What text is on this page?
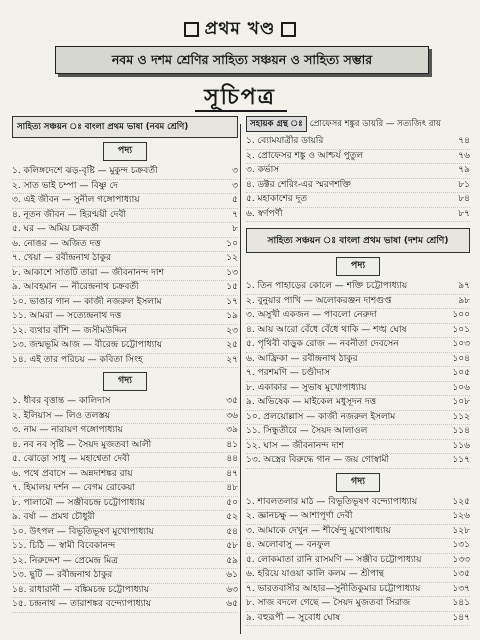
প্রথম খণ্ড
নবম ও দশম শ্রেণির সাহিত্য সঞ্চয়ন ও সাহিত্য সম্ভার
সূচিপত্র
সাহিত্য সঞ্চয়ন ঃ বাংলা প্রথম ভাষা (নবম শ্রেণি)
পদ্য
১. কলিঙ্গদেশে ঝড়-বৃষ্টি — মুকুন্দ চক্রবর্তী	৩
২. সাত ভাই চম্পা — বিষ্ণু দে	৩
৩. এই জীবন — সুনীল গঙ্গোপাধ্যায়	৫
৪. নূতন জীবন — হিরণ্ময়ী দেবী	৭
৫. ঘর — অমিয় চক্রবর্তী	৮
৬. নোঙর — অজিত দত্ত	১০
৭. খেয়া — রবীন্দ্রনাথ ঠাকুর	১২
৮. আকাশে সাতটি তারা — জীবনানন্দ দাশ	১৩
৯. আবহমান — নীরেন্দ্রনাথ চক্রবর্তী	১৫
১০. ভাঙার গান — কাজী নজরুল ইসলাম	১৭
১১. আমরা — সত্যেন্দ্রনাথ দত্ত	১৯
১২. ব্যথার বাঁশি — জসীমউদ্দিন	২৩
১৩. জন্মভূমি আজ — বীরেন্দ্র চট্টোপাধ্যায়	২৫
১৪. এই তার পরিচয় — কবিতা সিংহ	২৭
গদ্য
১. ধীবর বৃত্তান্ত — কালিদাস	৩৫
২. ইলিয়াস — লিও তলস্তয়	৩৬
৩. নাম — নারায়ণ গঙ্গোপাধ্যায়	৩৯
৪. নব নব সৃষ্টি — সৈয়দ মুজতবা আলী	৪১
৫. ঝোড়ো সাধু — মহাশ্বেতা দেবী	৪৪
৬. পথে প্রবাসে — অন্নদাশঙ্কর রায়	৪৭
৭. হিমালয় দর্শন — বেগম রোকেয়া	৪৮
৮. পালামৌ — সঞ্জীবচন্দ্র চট্টোপাধ্যায়	৫০
৯. বর্ষা — প্রমথ চৌধুরী	৫২
১০. উৎপল — বিভূতিভূষণ মুখোপাধ্যায়	৫৪
১১. চিঠি — স্বামী বিবেকানন্দ	৫৮
১২. নিরুদ্দেশ — প্রেমেন্দ্র মিত্র	৫৯
১৩. ছুটি — রবীন্দ্রনাথ ঠাকুর	৬১
১৪. রাধারানী — বঙ্কিমচন্দ্র চট্টোপাধ্যায়	৬৩
১৫. চন্দ্রনাথ — তারাশঙ্কর বন্দ্যোপাধ্যায়	৬৫
সহায়ক গ্রন্থ ঃ প্রোফেসর শঙ্কুর ডায়রি — সত্যজিৎ রায়
১. ব্যোমযাত্রীর ডায়রি	৭৪
২. প্রোফেসর শঙ্কু ও আশ্চর্য পুতুল	৭৬
৩. কর্ভাস	৭৯
৪. ডক্টর শেরিং-এর স্মরণশক্তি	৮১
৫. মহাকাশের দূত	৮৪
৬. স্বর্ণপর্ণী	৮৭
সাহিত্য সঞ্চয়ন ঃ বাংলা প্রথম ভাষা (দশম শ্রেণি)
পদ্য
১. তিন পাহাড়ের কোলে — শক্তি চট্টোপাধ্যায়	৯৭
২. বুনুয়ার পাখি — অলোকরঞ্জন দাশগুপ্ত	৯৮
৩. অসুখী একজন — পাবলো নেরুদা	১০০
৪. আয় আরো বেঁধে বেঁধে থাকি — শঙ্খ ঘোষ	১০১
৫. পৃথিবী বাড়ুক রোজ — নবনীতা দেবসেন	১০৩
৬. আফ্রিকা — রবীন্দ্রনাথ ঠাকুর	১০৪
৭. পরশমণি — চণ্ডীদাস	১০৫
৮. একাকার — সুভাষ মুখোপাধ্যায়	১০৬
৯. অভিষেক — মাইকেল মধুসূদন দত্ত	১০৮
১০. প্রলয়োল্লাস — কাজী নজরুল ইসলাম	১১২
১১. সিন্ধুতীরে — সৈয়দ আলাওল	১১৪
১২. ঘাস — জীবনানন্দ দাশ	১১৬
১৩. অস্ত্রের বিরুদ্ধে গান — জয় গোস্বামী	১১৭
গদ্য
১. শাবলতলার মাঠ — বিভূতিভূষণ বন্দ্যোপাধ্যায়	১২৫
২. জ্ঞানচক্ষু — আশাপূর্ণা দেবী	১২৬
৩. আমাকে দেখুন — শীর্ষেন্দু মুখোপাধ্যায়	১২৮
৪. অলোবাসু — বনফুল	১৩১
৫. লোকমাতা রানি রাসমণি — সঞ্জীব চট্টোপাধ্যায়	১৩৩
৬. হরিয়ে যাওয়া কালি কলম — শ্রীপান্থ	১৩৫
৭. ভারতবাসীর আহার—সুনীতিকুমার চট্টোপাধ্যায়	১৩৭
৮. সাজ বদলে গেছে — সৈয়দ মুজতবা সিরাজ	১৪১
৯. বহুরূপী — সুবোধ ঘোষ	১৪৭
